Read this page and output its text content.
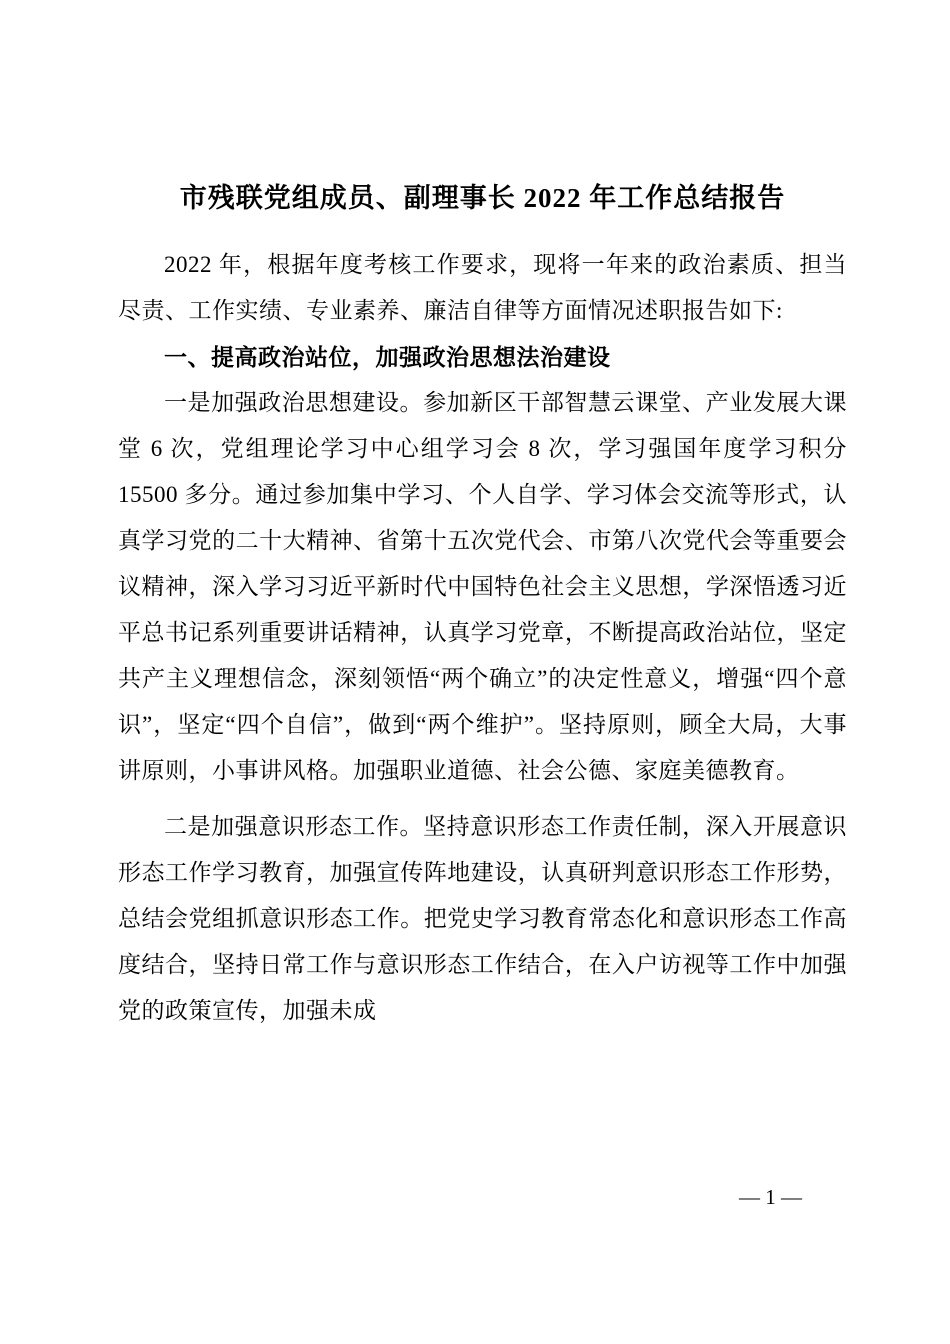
市残联党组成员、副理事长 2022 年工作总结报告

2022 年，根据年度考核工作要求，现将一年来的政治素质、担当尽责、工作实绩、专业素养、廉洁自律等方面情况述职报告如下:

一、提高政治站位，加强政治思想法治建设

一是加强政治思想建设。参加新区干部智慧云课堂、产业发展大课堂 6 次，党组理论学习中心组学习会 8 次，学习强国年度学习积分 15500 多分。通过参加集中学习、个人自学、学习体会交流等形式，认真学习党的二十大精神、省第十五次党代会、市第八次党代会等重要会议精神，深入学习习近平新时代中国特色社会主义思想，学深悟透习近平总书记系列重要讲话精神，认真学习党章，不断提高政治站位，坚定共产主义理想信念，深刻领悟“两个确立”的决定性意义，增强“四个意识”，坚定“四个自信”，做到“两个维护”。坚持原则，顾全大局，大事讲原则，小事讲风格。加强职业道德、社会公德、家庭美德教育。

二是加强意识形态工作。坚持意识形态工作责任制，深入开展意识形态工作学习教育，加强宣传阵地建设，认真研判意识形态工作形势，总结会党组抓意识形态工作。把党史学习教育常态化和意识形态工作高度结合，坚持日常工作与意识形态工作结合，在入户访视等工作中加强党的政策宣传，加强未成

— 1 —
